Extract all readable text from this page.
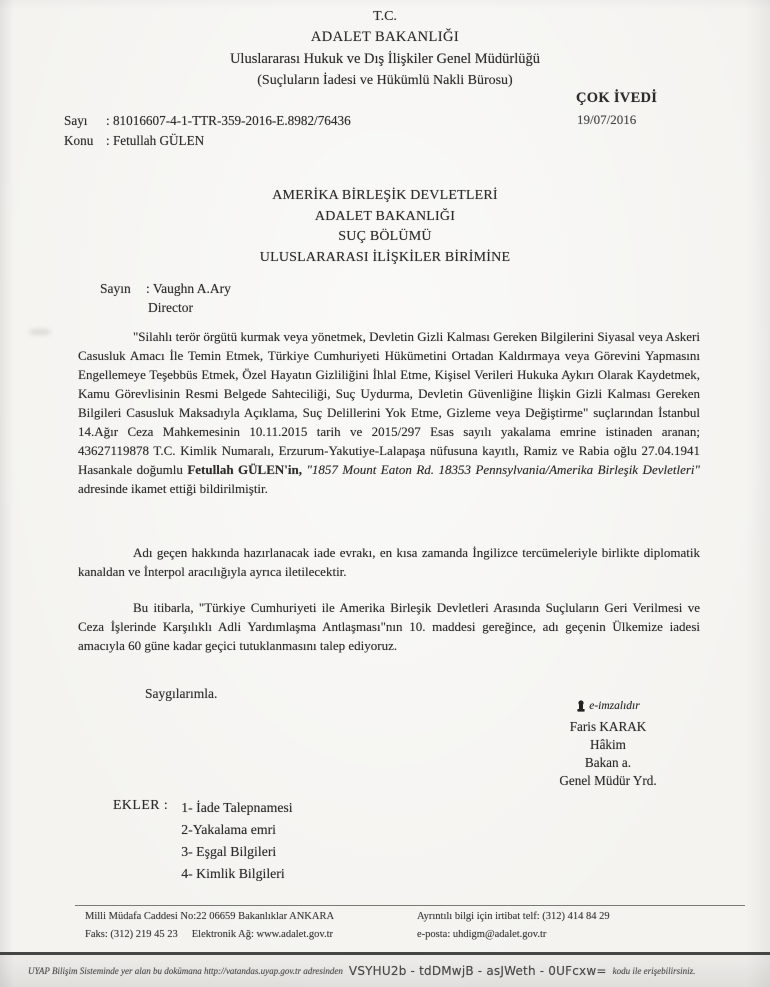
T.C.
ADALET BAKANLIĞI
Uluslararası Hukuk ve Dış İlişkiler Genel Müdürlüğü
(Suçluların İadesi ve Hükümlü Nakli Bürosu)
ÇOK İVEDİ
19/07/2016
Sayı : 81016607-4-1-TTR-359-2016-E.8982/76436
Konu : Fetullah GÜLEN
AMERİKA BİRLEŞİK DEVLETLERİ
ADALET BAKANLIĞI
SUÇ BÖLÜMÜ
ULUSLARARASI İLİŞKİLER BİRİMİNE
Sayın : Vaughn A.Ary
Director

"Silahlı terör örgütü kurmak veya yönetmek, Devletin Gizli Kalması Gereken Bilgilerini Siyasal veya Askeri Casusluk Amacı İle Temin Etmek, Türkiye Cumhuriyeti Hükümetini Ortadan Kaldırmaya veya Görevini Yapmasını Engellemeye Teşebbüs Etmek, Özel Hayatın Gizliliğini İhlal Etme, Kişisel Verileri Hukuka Aykırı Olarak Kaydetmek, Kamu Görevlisinin Resmi Belgede Sahteciliği, Suç Uydurma, Devletin Güvenliğine İlişkin Gizli Kalması Gereken Bilgileri Casusluk Maksadıyla Açıklama, Suç Delillerini Yok Etme, Gizleme veya Değiştirme" suçlarından İstanbul 14.Ağır Ceza Mahkemesinin 10.11.2015 tarih ve 2015/297 Esas sayılı yakalama emrine istinaden aranan; 43627119878 T.C. Kimlik Numaralı, Erzurum-Yakutiye-Lalapaşa nüfusuna kayıtlı, Ramiz ve Rabia oğlu 27.04.1941 Hasankale doğumlu Fetullah GÜLEN'in, "1857 Mount Eaton Rd. 18353 Pennsylvania/Amerika Birleşik Devletleri" adresinde ikamet ettiği bildirilmiştir.

Adı geçen hakkında hazırlanacak iade evrakı, en kısa zamanda İngilizce tercümeleriyle birlikte diplomatik kanaldan ve İnterpol aracılığıyla ayrıca iletilecektir.

Bu itibarla, "Türkiye Cumhuriyeti ile Amerika Birleşik Devletleri Arasında Suçluların Geri Verilmesi ve Ceza İşlerinde Karşılıklı Adli Yardımlaşma Antlaşması"nın 10. maddesi gereğince, adı geçenin Ülkemize iadesi amacıyla 60 güne kadar geçici tutuklanmasını talep ediyoruz.

Saygılarımla.
e-imzalıdır
Faris KARAK
Hâkim
Bakan a.
Genel Müdür Yrd.
EKLER : 1- İade Talepnamesi
2-Yakalama emri
3- Eşgal Bilgileri
4- Kimlik Bilgileri
Milli Müdafa Caddesi No:22 06659 Bakanlıklar ANKARA	Ayrıntılı bilgi için irtibat telf: (312) 414 84 29
Faks: (312) 219 45 23 Elektronik Ağ: www.adalet.gov.tr	e-posta: uhdigm@adalet.gov.tr
UYAP Bilişim Sisteminde yer alan bu dokümana http://vatandas.uyap.gov.tr adresinden VSYHU2b - tdDMwjB - asJWeth - 0UFcxw= kodu ile erişebilirsiniz.
